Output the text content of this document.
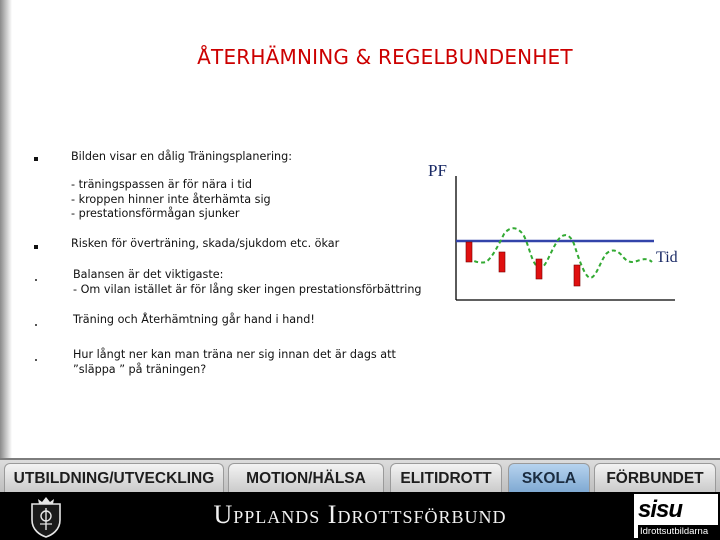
ÅTERHÄMNING & REGELBUNDENHET
Bilden visar en dålig Träningsplanering:
- träningspassen är för nära i tid
- kroppen hinner inte återhämta sig
- prestationsförmågan sjunker
Risken för överträning, skada/sjukdom etc. ökar
Balansen är det viktigaste:
- Om vilan istället är för lång sker ingen prestationsförbättring
Träning och Återhämtning går hand i hand!
Hur långt ner kan man träna ner sig innan det är dags att
”släppa ” på träningen?
PF
Tid
UTBILDNING/UTVECKLING	MOTION/HÄLSA	ELITIDROTT	SKOLA	FÖRBUNDET
Upplands Idrottsförbund	sisu
Idrottsutbildarna
